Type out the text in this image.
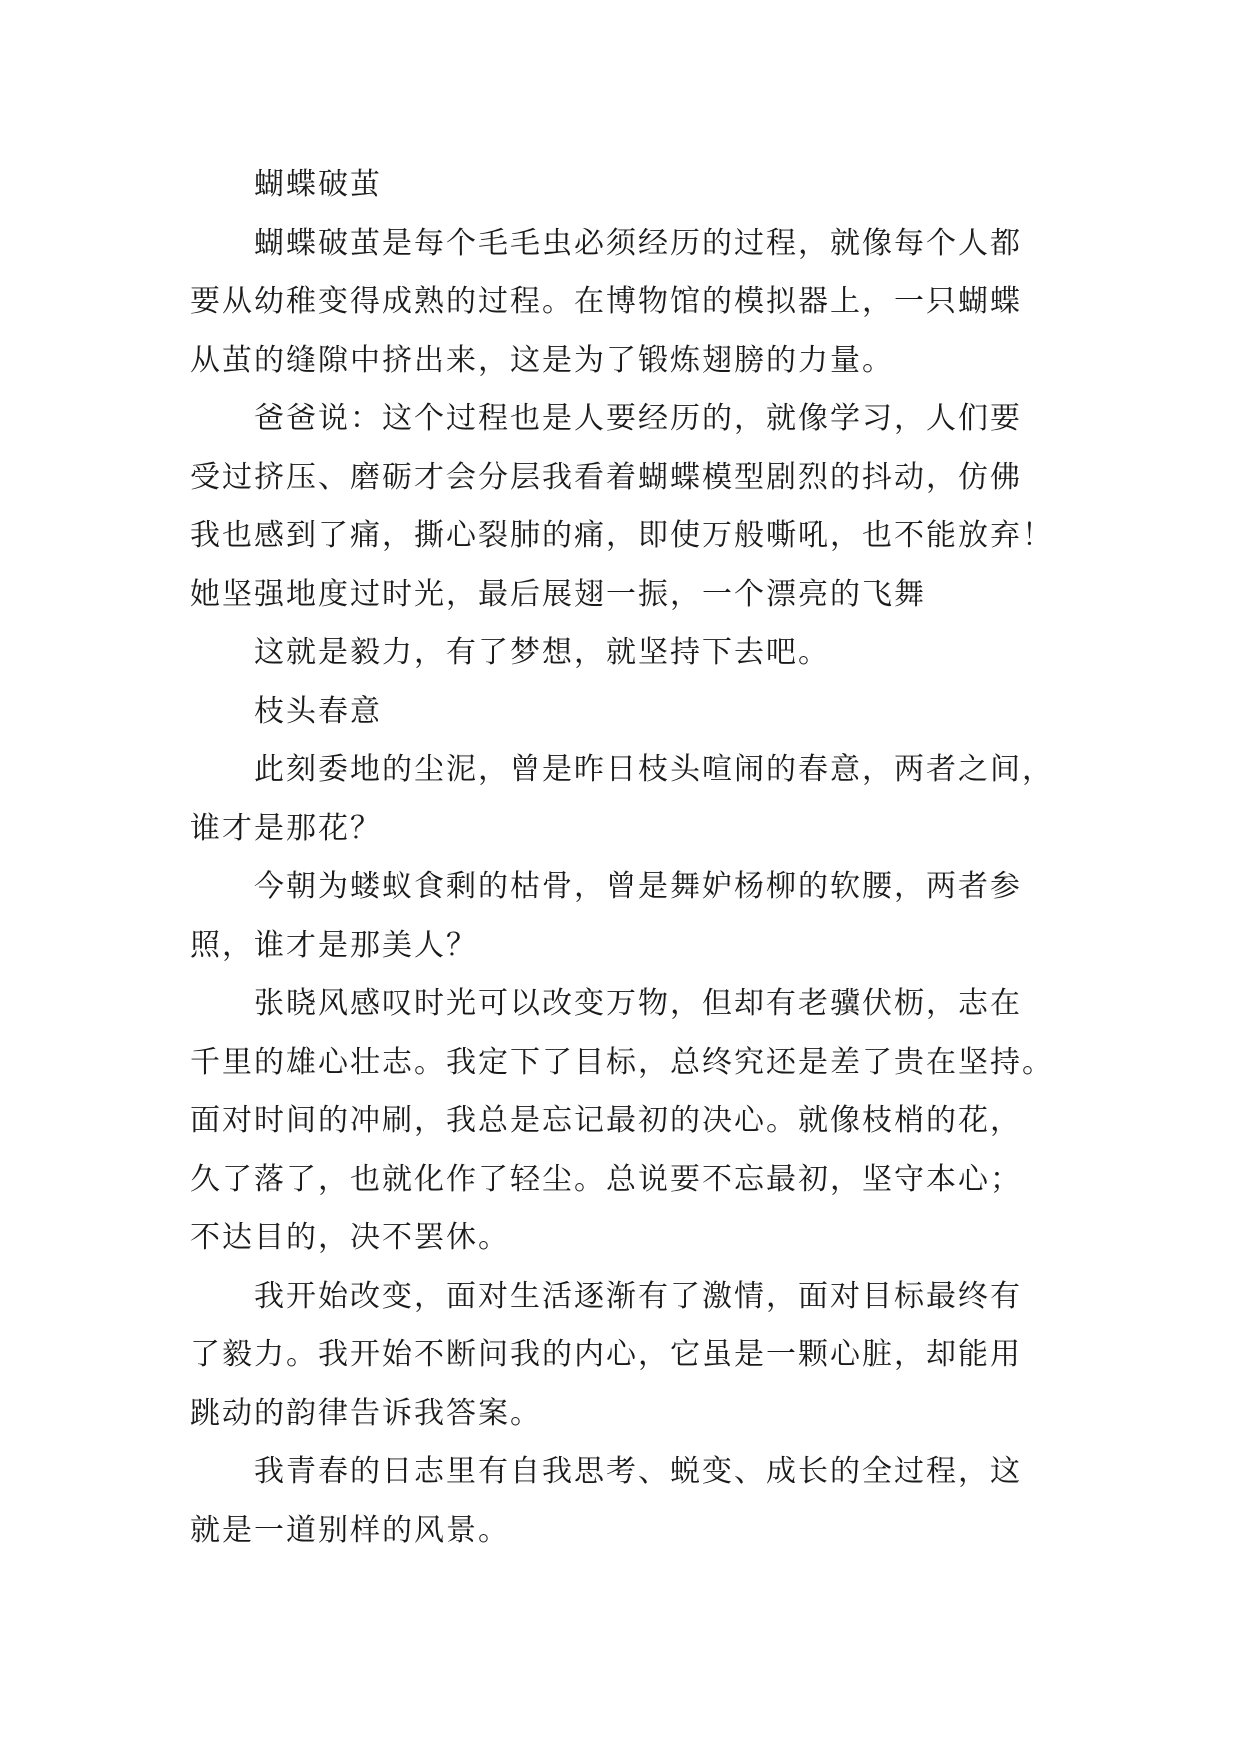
蝴蝶破茧
蝴蝶破茧是每个毛毛虫必须经历的过程，就像每个人都
要从幼稚变得成熟的过程。在博物馆的模拟器上，一只蝴蝶
从茧的缝隙中挤出来，这是为了锻炼翅膀的力量。
爸爸说：这个过程也是人要经历的，就像学习，人们要
受过挤压、磨砺才会分层我看着蝴蝶模型剧烈的抖动，仿佛
我也感到了痛，撕心裂肺的痛，即使万般嘶吼，也不能放弃！
她坚强地度过时光，最后展翅一振，一个漂亮的飞舞
这就是毅力，有了梦想，就坚持下去吧。
枝头春意
此刻委地的尘泥，曾是昨日枝头喧闹的春意，两者之间，
谁才是那花？
今朝为蝼蚁食剩的枯骨，曾是舞妒杨柳的软腰，两者参
照，谁才是那美人？
张晓风感叹时光可以改变万物，但却有老骥伏枥，志在
千里的雄心壮志。我定下了目标，总终究还是差了贵在坚持。
面对时间的冲刷，我总是忘记最初的决心。就像枝梢的花，
久了落了，也就化作了轻尘。总说要不忘最初，坚守本心；
不达目的，决不罢休。
我开始改变，面对生活逐渐有了激情，面对目标最终有
了毅力。我开始不断问我的内心，它虽是一颗心脏，却能用
跳动的韵律告诉我答案。
我青春的日志里有自我思考、蜕变、成长的全过程，这
就是一道别样的风景。
